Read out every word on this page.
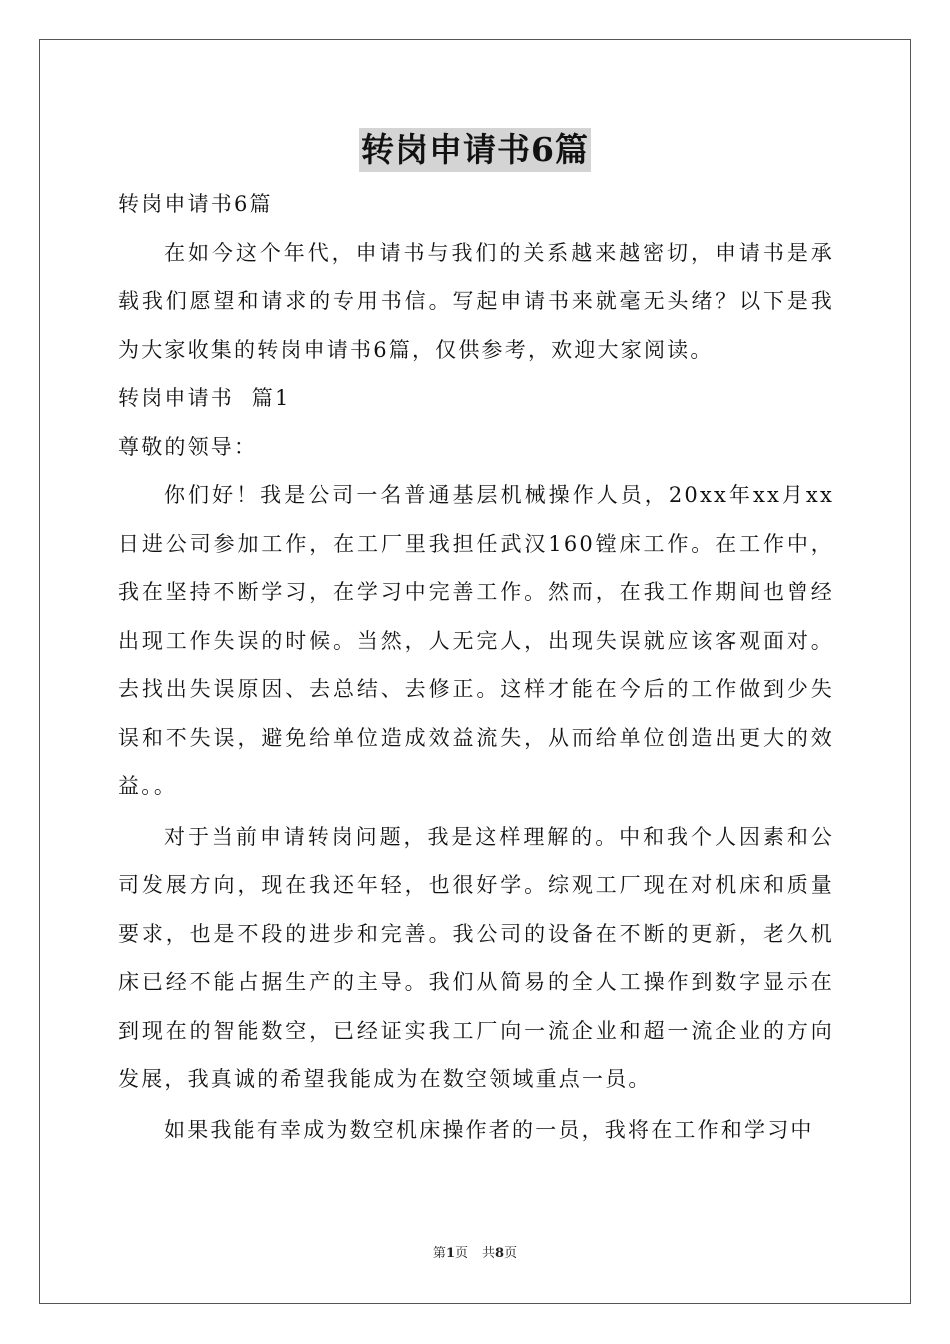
转岗申请书6篇

转岗申请书6篇

在如今这个年代，申请书与我们的关系越来越密切，申请书是承载我们愿望和请求的专用书信。写起申请书来就毫无头绪？以下是我为大家收集的转岗申请书6篇，仅供参考，欢迎大家阅读。

转岗申请书  篇1

尊敬的领导：

你们好！我是公司一名普通基层机械操作人员，20xx年xx月xx日进公司参加工作，在工厂里我担任武汉160镗床工作。在工作中，我在坚持不断学习，在学习中完善工作。然而，在我工作期间也曾经出现工作失误的时候。当然，人无完人，出现失误就应该客观面对。去找出失误原因、去总结、去修正。这样才能在今后的工作做到少失误和不失误，避免给单位造成效益流失，从而给单位创造出更大的效益。。

对于当前申请转岗问题，我是这样理解的。中和我个人因素和公司发展方向，现在我还年轻，也很好学。综观工厂现在对机床和质量要求，也是不段的进步和完善。我公司的设备在不断的更新，老久机床已经不能占据生产的主导。我们从简易的全人工操作到数字显示在到现在的智能数空，已经证实我工厂向一流企业和超一流企业的方向发展，我真诚的希望我能成为在数空领域重点一员。

如果我能有幸成为数空机床操作者的一员，我将在工作和学习中

第1页 共8页
